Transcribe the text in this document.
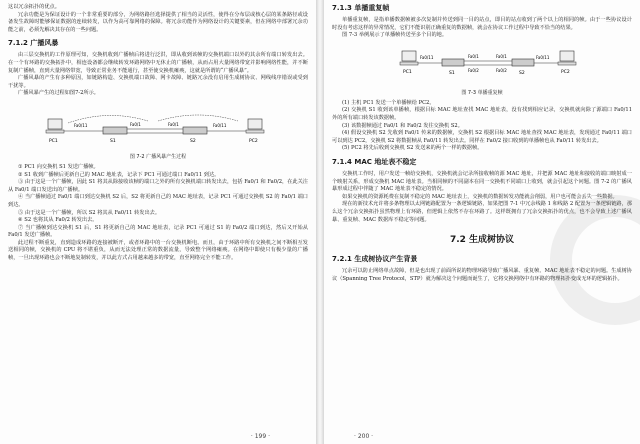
这以冗余拓扑的优点。

冗余功能是为保证设计的一个非常重要的部分，为网络路径选择提供了相当的灵活性，使得在分布层或核心层的某条路径或设备发生故障时能够保证数据的连续转发，以作为高可靠网络的保障。将冗余功能作为网络设计的关键要素，但在网络中部署冗余功能之前，必须先解决其存在的一些问题。

7.1.2 广播风暴

由三层交换机的工作原理可知，交换机收到广播帧后将进行泛洪，即从收到该帧的交换机端口以外的其余所有端口转发出去。在一个有环路的交换拓扑中，相连设备都会继续转发环路网络中无休止的广播帧，从而占用大量网络带宽并影响网络性能，并不断复制广播帧，直到大量网络带宽，导致正常业务不能通行，甚至使交换机瘫痪，这就是所谓的“广播风暴”。

广播风暴的产生有多种原因，如链路构造、交换机端口故障、网卡故障、链路冗余没有启用生成树协议、网线线序错误或受到干扰等。

广播风暴产生的过程如图7-2所示。

PC1	S1	S2	PC2
Fa0/11	Fa0/1	Fa0/1	Fa0/11
图 7-2 广播风暴产生过程

① PC1 向交换机 S1 发送广播帧。

② S1 收到广播帧后更新自己的 MAC 地址表，记录下 PC1 可通过端口 Fa0/11 到达。

③ 由于这是一个广播帧，因此 S1 将其从除接收该帧的端口之外的所有交换机端口转发出去，包括 Fa0/1 和 Fa0/2，在此关注从 Fa0/1 端口发送出的广播帧。

④ 当广播帧通过 Fa0/1 端口到达交换机 S2 后，S2 将更新自己的 MAC 地址表，记录 PC1 可通过交换机 S2 的 Fa0/1 端口到达。

⑤ 由于这是一个广播帧，所以 S2 将其从 Fa0/11 转发出去。

⑥ S2 也将其从 Fa0/2 转发出去。

⑦ 当广播帧到达交换机 S1 后，S1 将更新自己的 MAC 地址表，记录 PC1 可通过 S1 的 Fa0/2 端口到达，然后又开始从 Fa0/1 发送广播帧。

此过程不断重复，直到造成环路的连接被断开，或者环路中的一台交换机断电。而且，由于环路中所有交换机之间不断相互发送相同的帧，交换机的 CPU 将不堪重负，从而无法处理正常的数据流量，导致整个网络瘫痪。在网络中即使只有极少量的广播帧，一旦出现环路也会不断地复制转发，并以此方式占用越来越多的带宽，直至网络完全不能工作。

· 199 ·
7.1.3 单播重复帧

单播重复帧，是指单播数据帧被多次复制并传送到同一目的站点，即目的站点收到了两个以上的相同的帧。由于一些协议设计时没有考虑这样的异常情况，它们不能识别正确重复的数据帧，就会在协议工作过程中导致不恰当的结果。

图 7-3 举例展示了单播帧传送至多个目的地。

PC1	S1	S2	PC2
Fa0/11	Fa0/1
Fa0/2
Fa0/1
Fa0/2
Fa0/11
图 7-3 单播重复帧

(1) 主机 PC1 发送一个单播帧给 PC2。

(2) 交换机 S1 收到该单播帧，根据目标 MAC 地址查找 MAC 地址表，没有找到相应记录，交换机就向除了源端口 Fa0/11 外的所有端口转发该数据帧。

(3) 该数据帧通过 Fa0/1 和 Fa0/2 发往交换机 S2。

(4) 假设交换机 S2 先收到 Fa0/1 传来的数据帧，交换机 S2 根据目标 MAC 地址查找 MAC 地址表，发现通过 Fa0/11 端口可以到达 PC2，交换机 S2 将数据帧从 Fa0/11 转发出去。同样在 Fa0/2 接口收到的单播帧也从 Fa0/11 转发出去。

(5) PC2 将先后收到交换机 S2 发送来的两个一样的数据帧。

7.1.4 MAC 地址表不稳定

交换机工作时，用户发送一帧给交换机，交换机就会记录所接收帧的源 MAC 地址，并把源 MAC 地址和接收的端口映射成一个映射关系，形成交换机 MAC 地址表。当相同帧的不同副本在同一交换机不同端口上收到，就会引起这个问题。图 7-2 的广播风暴形成过程中伴随了 MAC 地址表不稳定的情况。

如果交换机的资源耗费在复制不稳定的 MAC 地址表上，交换机的数据转发功能就会削弱，用户也可能会丢失一些数据。

现在的新技术允许将多条物理以太网链路配置为一条逻辑链路，如果把图 7-1 中冗余线路 1 和线路 2 配置为一条逻辑链路，那么这个冗余交换拓扑虽然物理上有环路，但逻辑上依然不存在环路了。这样既拥有了冗余交换拓扑的优点，也不会导致上述广播风暴、重复帧、MAC 数据库不稳定等问题。

7.2 生成树协议
7.2.1 生成树协议产生背景

冗余可以防止网络单点故障，但是也出现了前面所说的物理环路导致广播风暴、重复帧、MAC 地址表不稳定的问题。生成树协议（Spanning Tree Protocol，STP）就为解决这个问题而诞生了，它将交换网络中有环路的物理拓扑变成无环的逻辑拓扑。

· 200 ·
